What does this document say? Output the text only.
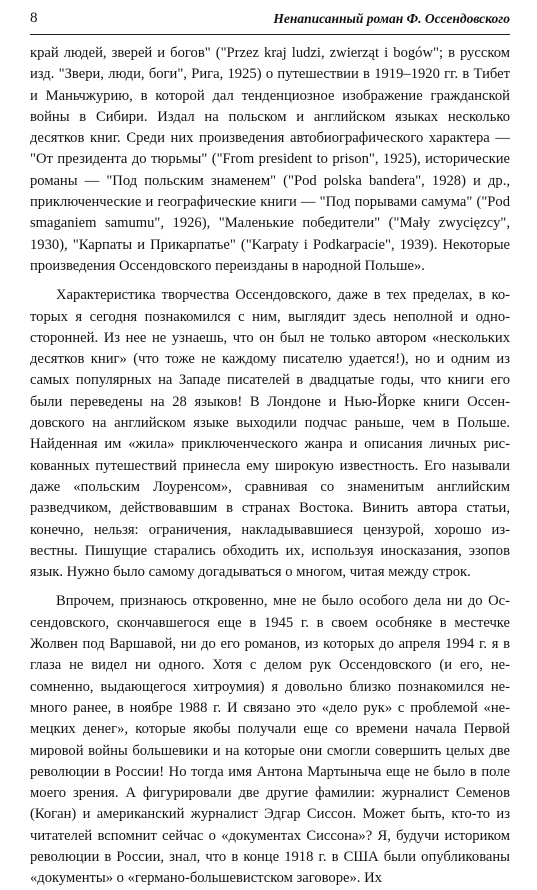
8	Ненаписанный роман Ф. Оссендовского

край людей, зверей и богов" ("Przez kraj ludzi, zwierząt i bogów"; в русском изд. "Звери, люди, боги", Рига, 1925) о путешествии в 1919–1920 гг. в Тибет и Маньчжурию, в которой дал тенденциозное изображение гражданской войны в Сибири. Издал на польском и английском языках несколько десятков книг. Среди них произведения автобиографического характера — "От президента до тюрьмы" ("From president to prison", 1925), исторические романы — "Под польским знаменем" ("Pod polska bandera", 1928) и др., приключенческие и географические книги — "Под порывами самума" ("Pod smaganiem samumu", 1926), "Маленькие победители" ("Mały zwycięzcy", 1930), "Карпаты и Прикарпатье" ("Karpaty i Podkarpacie", 1939). Некоторые произведения Оссендовского переизданы в народной Польше».

Характеристика творчества Оссендовского, даже в тех пределах, в которых я сегодня познакомился с ним, выглядит здесь неполной и односторонней. Из нее не узнаешь, что он был не только автором «нескольких десятков книг» (что тоже не каждому писателю удается!), но и одним из самых популярных на Западе писателей в двадцатые годы, что книги его были переведены на 28 языков! В Лондоне и Нью-Йорке книги Оссендовского на английском языке выходили подчас раньше, чем в Польше. Найденная им «жила» приключенческого жанра и описания личных рискованных путешествий принесла ему широкую известность. Его называли даже «польским Лоуренсом», сравнивая со знаменитым английским разведчиком, действовавшим в странах Востока. Винить автора статьи, конечно, нельзя: ограничения, накладывавшиеся цензурой, хорошо известны. Пишущие старались обходить их, используя иносказания, эзопов язык. Нужно было самому догадываться о многом, читая между строк.

Впрочем, признаюсь откровенно, мне не было особого дела ни до Оссендовского, скончавшегося еще в 1945 г. в своем особняке в местечке Жолвен под Варшавой, ни до его романов, из которых до апреля 1994 г. я в глаза не видел ни одного. Хотя с делом рук Оссендовского (и его, несомненно, выдающегося хитроумия) я довольно близко познакомился немного ранее, в ноябре 1988 г. И связано это «дело рук» с проблемой «немецких денег», которые якобы получали еще со времени начала Первой мировой войны большевики и на которые они смогли совершить целых две революции в России! Но тогда имя Антона Мартыныча еще не было в поле моего зрения. А фигурировали две другие фамилии: журналист Семенов (Коган) и американский журналист Эдгар Сиссон. Может быть, кто-то из читателей вспомнит сейчас о «документах Сиссона»? Я, будучи историком революции в России, знал, что в конце 1918 г. в США были опубликованы «документы» о «германо-большевистском заговоре». Их
